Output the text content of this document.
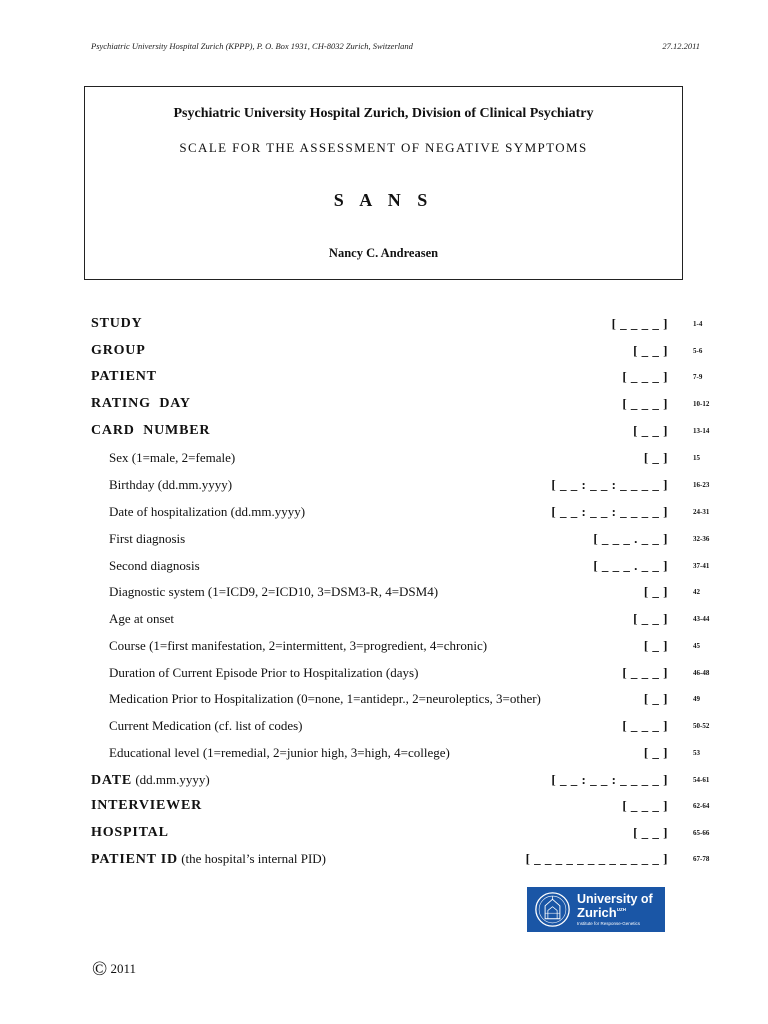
Psychiatric University Hospital Zurich (KPPP), P. O. Box 1931, CH-8032 Zurich, Switzerland	27.12.2011
Psychiatric University Hospital Zurich, Division of Clinical Psychiatry
SCALE FOR THE ASSESSMENT OF NEGATIVE SYMPTOMS
S A N S
Nancy C. Andreasen
STUDY	[ _ _ _ _ ]	1-4
GROUP	[ _ _ ]	5-6
PATIENT	[ _ _ _ ]	7-9
RATING  DAY	[ _ _ _ ]	10-12
CARD  NUMBER	[ _ _ ]	13-14
Sex (1=male, 2=female)	[ _ ]	15
Birthday (dd.mm.yyyy)	[ _ _ : _ _ : _ _ _ _ ]	16-23
Date of hospitalization (dd.mm.yyyy)	[ _ _ : _ _ : _ _ _ _ ]	24-31
First diagnosis	[ _ _ _ . _ _ ]	32-36
Second diagnosis	[ _ _ _ . _ _ ]	37-41
Diagnostic system (1=ICD9, 2=ICD10, 3=DSM3-R, 4=DSM4)	[ _ ]	42
Age at onset	[ _ _ ]	43-44
Course (1=first manifestation, 2=intermittent, 3=progredient, 4=chronic)	[ _ ]	45
Duration of Current Episode Prior to Hospitalization (days)	[ _ _ _ ]	46-48
Medication Prior to Hospitalization (0=none, 1=antidepr., 2=neuroleptics, 3=other)	[ _ ]	49
Current Medication (cf. list of codes)	[ _ _ _ ]	50-52
Educational level (1=remedial, 2=junior high, 3=high, 4=college)	[ _ ]	53
DATE (dd.mm.yyyy)	[ _ _ : _ _ : _ _ _ _ ]	54-61
INTERVIEWER	[ _ _ _ ]	62-64
HOSPITAL	[ _ _ ]	65-66
PATIENT ID (the hospital’s internal PID)	[ _ _ _ _ _ _ _ _ _ _ _ _ ]	67-78
University of
Zurich$^{UZH}$
Institute for Response-Genetics
© 2011
